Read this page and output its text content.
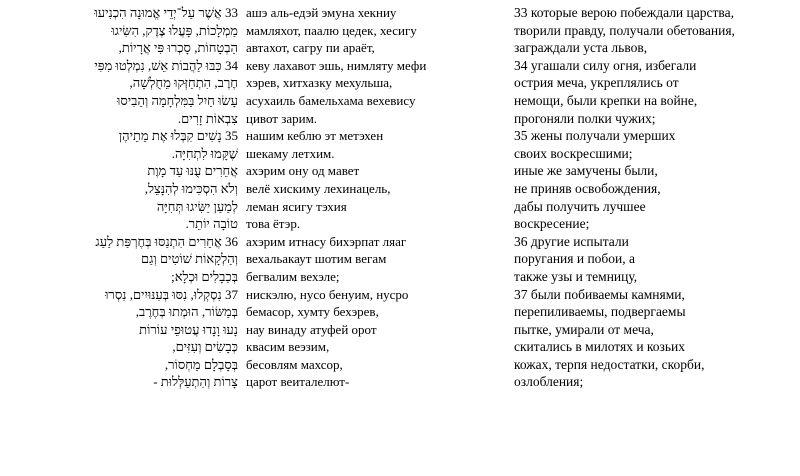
33 אֲשֶׁר עַל־יְדֵי אֱמוּנָה הִכְנִיעוּ
מַמְלָכוֹת, פָּעֲלוּ צֶדֶק, הִשִּׂיגוּ
הַבְטָחוֹת, סָכְרוּ פִּי אֲרָיוֹת,
34 כִּבּוּ לַהֲבוֹת אֵשׁ, נִמְלְטוּ מִפִּי
חֶרֶב, הִתְחַזְּקוּ מֵחֻלְשָׁה,
עָשׂוּ חַיִל בַּמִּלְחָמָה וְהֵבִיסוּ
צִבְאוֹת זָרִים.
35 נָשִׁים קִבְּלוּ אֶת מֵתֵיהֶן
שֶׁקָּמוּ לִתְחִיָּה.
אֲחֵרִים עֻנּוּ עַד מָוֶת
וְלֹא הִסְכִּימוּ לְהִנָּצֵל,
לְמַעַן יַשִּׂיגוּ תְּחִיָּה
טוֹבָה יוֹתֵר.
36 אֲחֵרִים הִתְנַסּוּ בְּחֶרְפַּת לַעַג
וְהַלְקָאוֹת שׁוֹטִים וְגַם
בְּכַבָלִים וּכְלָא;
37 נִסְקְלוּ, נִסּוּ בְּעִנּוּיִים, נִסְרוּ
בְּמַשּׂוֹר, הוּמְתוּ בְּחֶרֶב,
נָעוּ וָנָדוּ עֲטוּפֵי עוֹרוֹת
כְּבָשִׂים וְעִזִּים,
בְּסָבְלָם מַחְסוֹר,
צָרוֹת וְהִתְעַלְּלוּת -
ашэ аль-едэй эмуна хекниу
мамляхот, паалю цедек, хесигу
автахот, сагру пи араёт,
кеву лахавот эшь, нимляту мефи
хэрев, хитхазку мехульша,
асухаиль бамельхама вехевису
цивот зарим.
нашим кеблю эт метэхен
шекаму летхим.
ахэрим ону од мавет
велё хискиму лехинацель,
леман ясигу тэхия
това ётэр.
ахэрим итнасу бихэрпат ляаг
вехальакаут шотим вегам
бегвалим вехэле;
нискэлю, нусо бенуим, нусро
бемасор, хумту бехэрев,
нау винаду атуфей орот
квасим веэзим,
бесовлям махсор,
царот веиталелют-
33 которые верою побеждали царства,
творили правду, получали обетования,
заграждали уста львов,
34 угашали силу огня, избегали
острия меча, укреплялись от
немощи, были крепки на войне,
прогоняли полки чужих;
35 жены получали умерших
своих воскресшими;
иные же замучены были,
не приняв освобождения,
дабы получить лучшее
воскресение;
36 другие испытали
поругания и побои, а
также узы и темницу,
37 были побиваемы камнями,
перепиливаемы, подвергаемы
пытке, умирали от меча,
скитались в милотях и козьих
кожах, терпя недостатки, скорби,
озлобления;
